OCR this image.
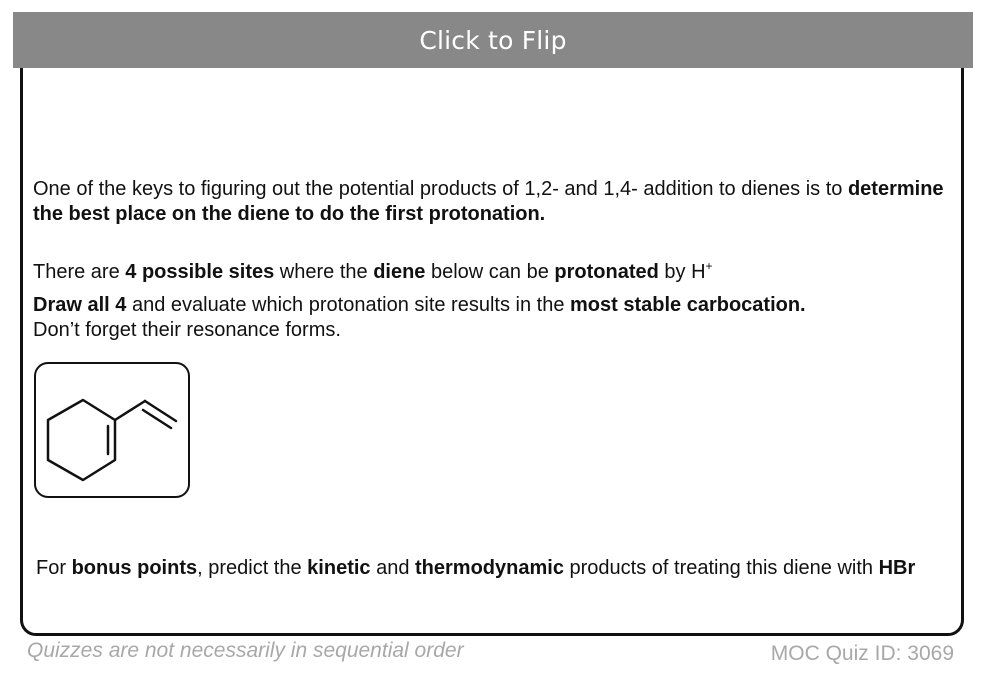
Click to Flip

One of the keys to figuring out the potential products of 1,2- and 1,4- addition to dienes is to determine the best place on the diene to do the first protonation.

There are 4 possible sites where the diene below can be protonated by H+

Draw all 4 and evaluate which protonation site results in the most stable carbocation.
Don’t forget their resonance forms.

For bonus points, predict the kinetic and thermodynamic products of treating this diene with HBr

Quizzes are not necessarily in sequential order	MOC Quiz ID: 3069
